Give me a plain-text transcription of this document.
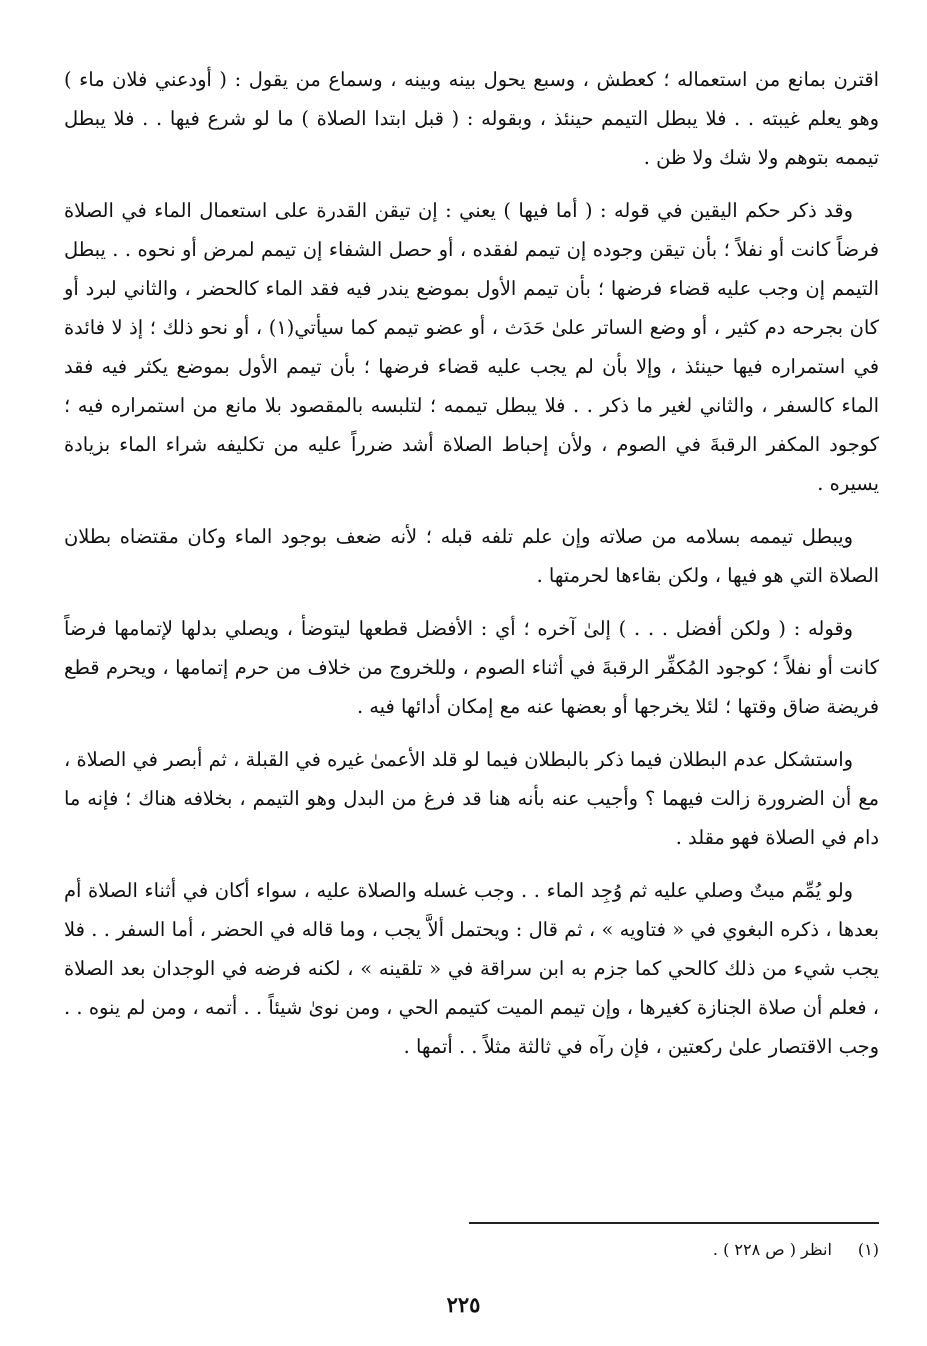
اقترن بمانع من استعماله ؛ كعطش ، وسبع يحول بينه وبينه ، وسماع من يقول : ( أودعني فلان ماء ) وهو يعلم غيبته . . فلا يبطل التيمم حينئذ ، وبقوله : ( قبل ابتدا الصلاة ) ما لو شرع فيها . . فلا يبطل تيممه بتوهم ولا شك ولا ظن .

وقد ذكر حكم اليقين في قوله : ( أما فيها ) يعني : إن تيقن القدرة على استعمال الماء في الصلاة فرضاً كانت أو نفلاً ؛ بأن تيقن وجوده إن تيمم لفقده ، أو حصل الشفاء إن تيمم لمرض أو نحوه . . يبطل التيمم إن وجب عليه قضاء فرضها ؛ بأن تيمم الأول بموضع يندر فيه فقد الماء كالحضر ، والثاني لبرد أو كان بجرحه دم كثير ، أو وضع الساتر علىٰ حَدَث ، أو عضو تيمم كما سيأتي(١) ، أو نحو ذلك ؛ إذ لا فائدة في استمراره فيها حينئذ ، وإلا بأن لم يجب عليه قضاء فرضها ؛ بأن تيمم الأول بموضع يكثر فيه فقد الماء كالسفر ، والثاني لغير ما ذكر . . فلا يبطل تيممه ؛ لتلبسه بالمقصود بلا مانع من استمراره فيه ؛ كوجود المكفر الرقبةَ في الصوم ، ولأن إحباط الصلاة أشد ضرراً عليه من تكليفه شراء الماء بزيادة يسيره .

ويبطل تيممه بسلامه من صلاته وإن علم تلفه قبله ؛ لأنه ضعف بوجود الماء وكان مقتضاه بطلان الصلاة التي هو فيها ، ولكن بقاءها لحرمتها .

وقوله : ( ولكن أفضل . . . ) إلىٰ آخره ؛ أي : الأفضل قطعها ليتوضأ ، ويصلي بدلها لإتمامها فرضاً كانت أو نفلاً ؛ كوجود المُكفِّر الرقبةَ في أثناء الصوم ، وللخروج من خلاف من حرم إتمامها ، ويحرم قطع فريضة ضاق وقتها ؛ لئلا يخرجها أو بعضها عنه مع إمكان أدائها فيه .

واستشكل عدم البطلان فيما ذكر بالبطلان فيما لو قلد الأعمىٰ غيره في القبلة ، ثم أبصر في الصلاة ، مع أن الضرورة زالت فيهما ؟ وأجيب عنه بأنه هنا قد فرغ من البدل وهو التيمم ، بخلافه هناك ؛ فإنه ما دام في الصلاة فهو مقلد .

ولو يُمِّم ميتٌ وصلي عليه ثم وُجِد الماء . . وجب غسله والصلاة عليه ، سواء أكان في أثناء الصلاة أم بعدها ، ذكره البغوي في « فتاويه » ، ثم قال : ويحتمل ألاَّ يجب ، وما قاله في الحضر ، أما السفر . . فلا يجب شيء من ذلك كالحي كما جزم به ابن سراقة في « تلقينه » ، لكنه فرضه في الوجدان بعد الصلاة ، فعلم أن صلاة الجنازة كغيرها ، وإن تيمم الميت كتيمم الحي ، ومن نوىٰ شيئاً . . أتمه ، ومن لم ينوه . . وجب الاقتصار علىٰ ركعتين ، فإن رآه في ثالثة مثلاً . . أتمها .

(١)انظر ( ص ٢٢٨ ) .
٢٢٥
